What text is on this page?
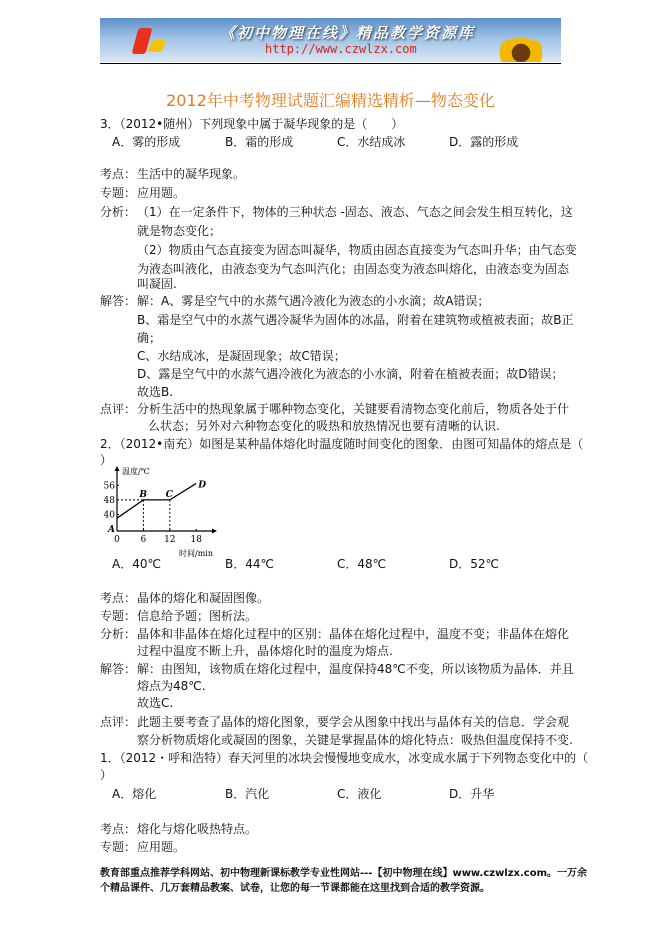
《初中物理在线》精品教学资源库
http://www.czwlzx.com
2012年中考物理试题汇编精选精析—物态变化
3．（2012•随州）下列现象中属于凝华现象的是（　　）
A．雾的形成	B．霜的形成	C．水结成冰	D．露的形成
考点： 生活中的凝华现象。
专题： 应用题。
分析： （1）在一定条件下，物体的三种状态 -固态、液态、气态之间会发生相互转化，这
就是物态变化；
（2）物质由气态直接变为固态叫凝华，物质由固态直接变为气态叫升华；由气态变
为液态叫液化，由液态变为气态叫汽化；由固态变为液态叫熔化，由液态变为固态
叫凝固.
解答： 解：A、雾是空气中的水蒸气遇冷液化为液态的小水滴；故A错误；
B、霜是空气中的水蒸气遇冷凝华为固体的冰晶，附着在建筑物或植被表面；故B正
确；
C、水结成冰，是凝固现象；故C错误；
D、露是空气中的水蒸气遇冷液化为液态的小水滴，附着在植被表面；故D错误；
故选B.
点评： 分析生活中的热现象属于哪种物态变化，关键要看清物态变化前后，物质各处于什
么状态；另外对六种物态变化的吸热和放热情况也要有清晰的认识.
2．（2012•南充）如图是某种晶体熔化时温度随时间变化的图象．由图可知晶体的熔点是（
）
温度/℃
时间/min
0 6 12 18
40
48
56
A
B C
D
A．40℃	B．44℃	C．48℃	D．52℃
考点： 晶体的熔化和凝固图像。
专题： 信息给予题；图析法。
分析： 晶体和非晶体在熔化过程中的区别：晶体在熔化过程中，温度不变；非晶体在熔化
过程中温度不断上升，晶体熔化时的温度为熔点.
解答： 解：由图知，该物质在熔化过程中，温度保持48℃不变，所以该物质为晶体．并且
熔点为48℃.
故选C.
点评： 此题主要考查了晶体的熔化图象，要学会从图象中找出与晶体有关的信息．学会观
察分析物质熔化或凝固的图象，关键是掌握晶体的熔化特点：吸热但温度保持不变.
1．（2012・呼和浩特）春天河里的冰块会慢慢地变成水，冰变成水属于下列物态变化中的（
）
A．熔化	B．汽化	C．液化	D．升华
考点： 熔化与熔化吸热特点。
专题： 应用题。
教育部重点推荐学科网站、初中物理新课标教学专业性网站---【初中物理在线】www.czwlzx.com。一万余
个精品课件、几万套精品教案、试卷，让您的每一节课都能在这里找到合适的教学资源。
